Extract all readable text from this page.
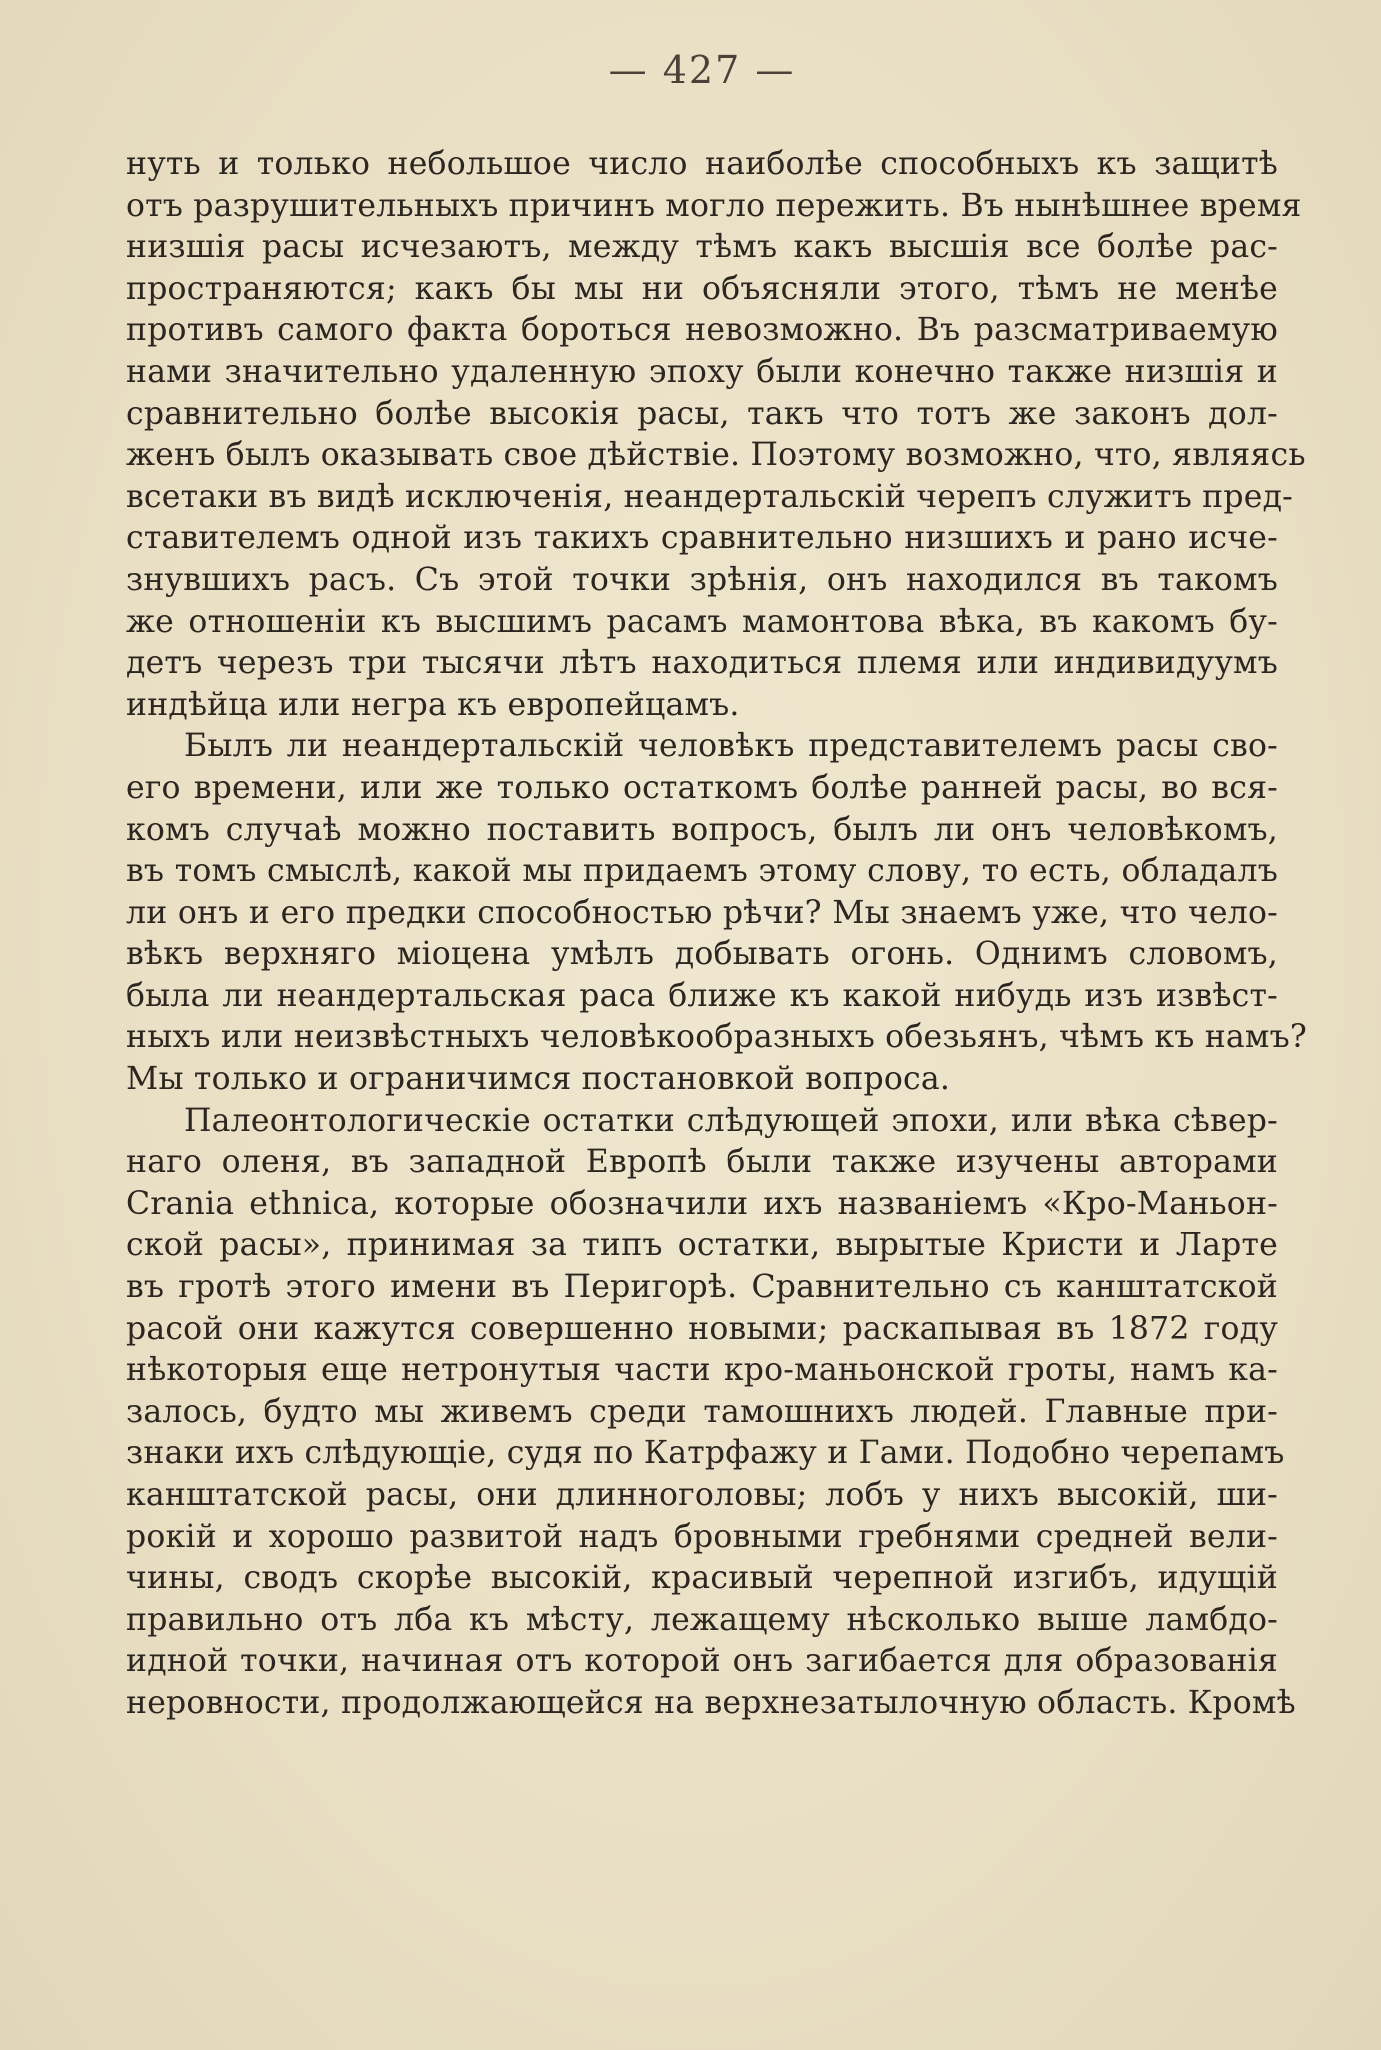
— 427 —
нуть и только небольшое число наиболѣе способныхъ къ защитѣ
отъ разрушительныхъ причинъ могло пережить. Въ нынѣшнее время
низшія расы исчезаютъ, между тѣмъ какъ высшія все болѣе рас-
пространяются; какъ бы мы ни объясняли этого, тѣмъ не менѣе
противъ самого факта бороться невозможно. Въ разсматриваемую
нами значительно удаленную эпоху были конечно также низшія и
сравнительно болѣе высокія расы, такъ что тотъ же законъ дол-
женъ былъ оказывать свое дѣйствіе. Поэтому возможно, что, являясь
всетаки въ видѣ исключенія, неандертальскій черепъ служитъ пред-
ставителемъ одной изъ такихъ сравнительно низшихъ и рано исче-
знувшихъ расъ. Съ этой точки зрѣнія, онъ находился въ такомъ
же отношеніи къ высшимъ расамъ мамонтова вѣка, въ какомъ бу-
детъ черезъ три тысячи лѣтъ находиться племя или индивидуумъ
индѣйца или негра къ европейцамъ.
Былъ ли неандертальскій человѣкъ представителемъ расы сво-
его времени, или же только остаткомъ болѣе ранней расы, во вся-
комъ случаѣ можно поставить вопросъ, былъ ли онъ человѣкомъ,
въ томъ смыслѣ, какой мы придаемъ этому слову, то есть, обладалъ
ли онъ и его предки способностью рѣчи? Мы знаемъ уже, что чело-
вѣкъ верхняго міоцена умѣлъ добывать огонь. Однимъ словомъ,
была ли неандертальская раса ближе къ какой нибудь изъ извѣст-
ныхъ или неизвѣстныхъ человѣкообразныхъ обезьянъ, чѣмъ къ намъ?
Мы только и ограничимся постановкой вопроса.
Палеонтологическіе остатки слѣдующей эпохи, или вѣка сѣвер-
наго оленя, въ западной Европѣ были также изучены авторами
Crania ethnica, которые обозначили ихъ названіемъ «Кро-Маньон-
ской расы», принимая за типъ остатки, вырытые Кристи и Ларте
въ гротѣ этого имени въ Перигорѣ. Сравнительно съ канштатской
расой они кажутся совершенно новыми; раскапывая въ 1872 году
нѣкоторыя еще нетронутыя части кро-маньонской гроты, намъ ка-
залось, будто мы живемъ среди тамошнихъ людей. Главные при-
знаки ихъ слѣдующіе, судя по Катрфажу и Гами. Подобно черепамъ
канштатской расы, они длинноголовы; лобъ у нихъ высокій, ши-
рокій и хорошо развитой надъ бровными гребнями средней вели-
чины, сводъ скорѣе высокій, красивый черепной изгибъ, идущій
правильно отъ лба къ мѣсту, лежащему нѣсколько выше ламбдо-
идной точки, начиная отъ которой онъ загибается для образованія
неровности, продолжающейся на верхнезатылочную область. Кромѣ
